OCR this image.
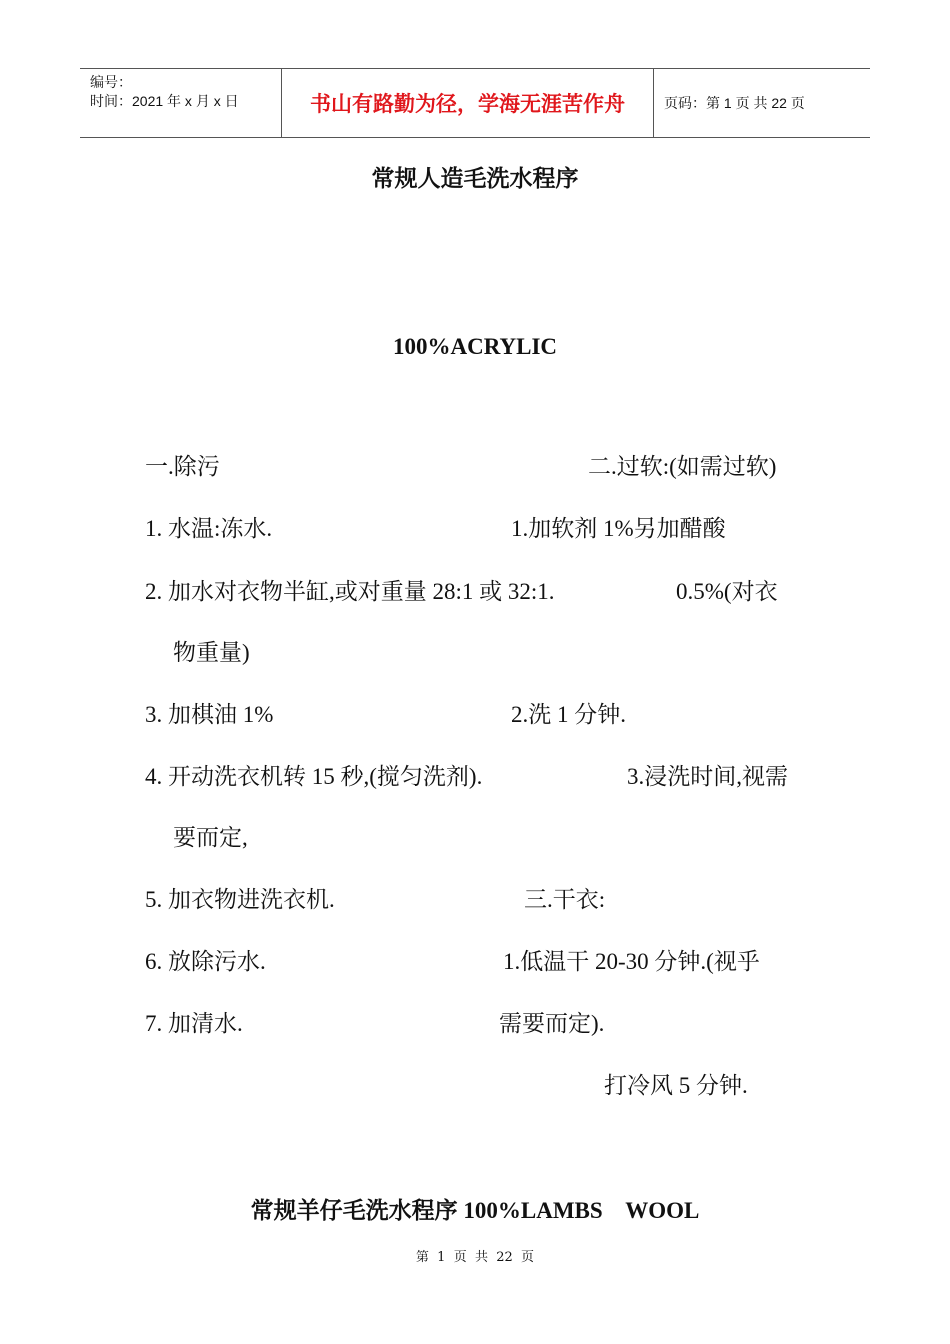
编号：
时间：2021 年 x 月 x 日	书山有路勤为径，学海无涯苦作舟	页码：第 1 页 共 22 页
常规人造毛洗水程序
100%ACRYLIC
一.除污
1. 水温:冻水.
2. 加水对衣物半缸,或对重量 28:1 或 32:1.
物重量)
3. 加棋油 1%
4. 开动洗衣机转 15 秒,(搅匀洗剂).
要而定,
5. 加衣物进洗衣机.
6. 放除污水.
7. 加清水.
二.过软:(如需过软)
1.加软剂 1%另加醋酸
0.5%(对衣
2.洗 1 分钟.
3.浸洗时间,视需
三.干衣:
1.低温干 20-30 分钟.(视乎
需要而定).
打冷风 5 分钟.
常规羊仔毛洗水程序 100%LAMBS    WOOL
第  1  页  共  22  页
